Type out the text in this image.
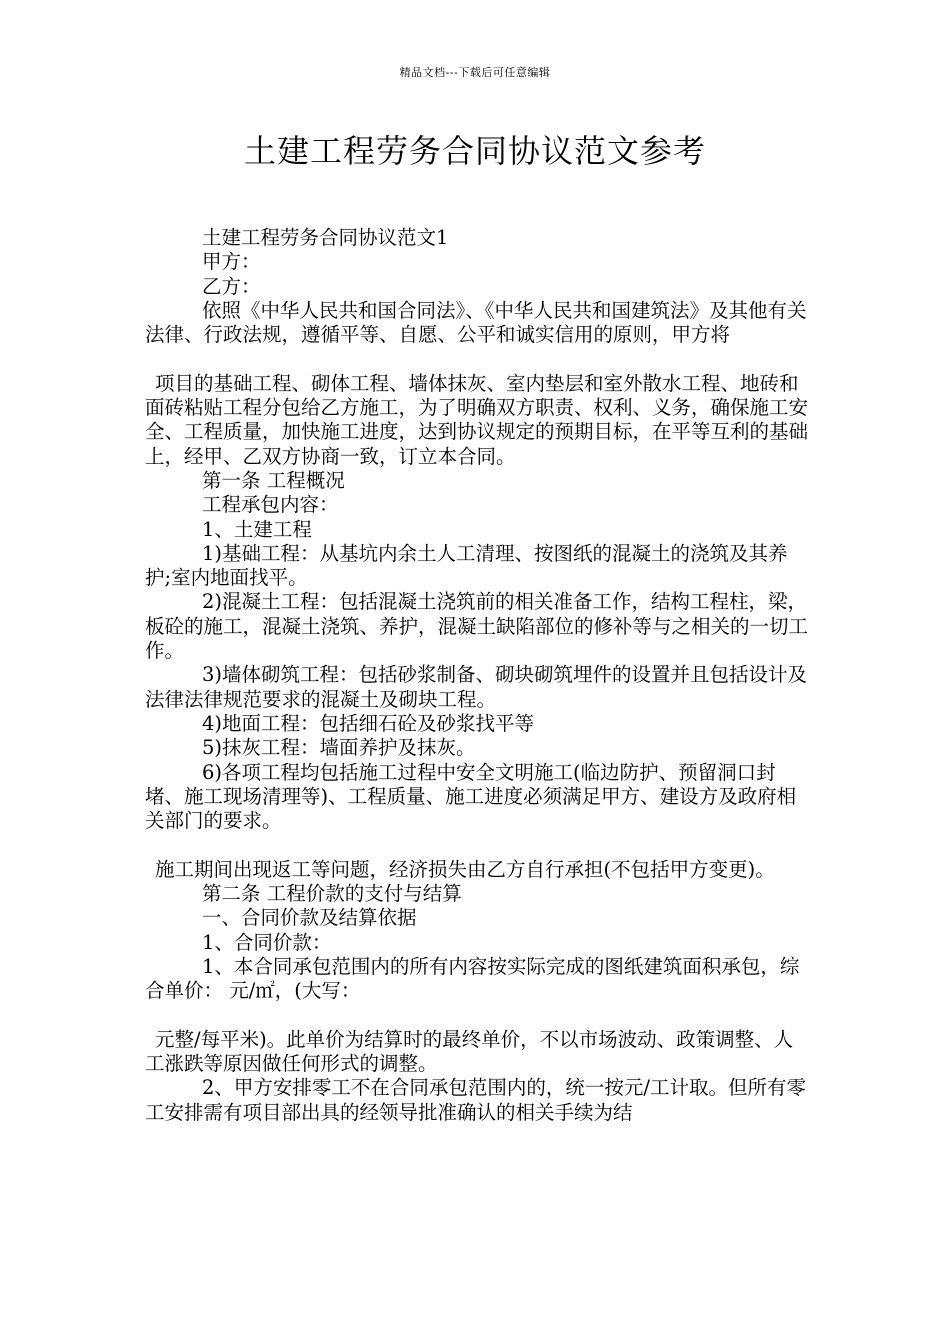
精品文档---下载后可任意编辑
土建工程劳务合同协议范文参考

土建工程劳务合同协议范文1

甲方：

乙方：

依照《中华人民共和国合同法》、《中华人民共和国建筑法》及其他有关法律、行政法规，遵循平等、自愿、公平和诚实信用的原则，甲方将

项目的基础工程、砌体工程、墙体抹灰、室内垫层和室外散水工程、地砖和面砖粘贴工程分包给乙方施工，为了明确双方职责、权利、义务，确保施工安全、工程质量，加快施工进度，达到协议规定的预期目标，在平等互利的基础上，经甲、乙双方协商一致，订立本合同。

第一条 工程概况

工程承包内容：

1、土建工程

1)基础工程：从基坑内余土人工清理、按图纸的混凝土的浇筑及其养护;室内地面找平。

2)混凝土工程：包括混凝土浇筑前的相关准备工作，结构工程柱，梁，板砼的施工，混凝土浇筑、养护，混凝土缺陷部位的修补等与之相关的一切工作。

3)墙体砌筑工程：包括砂浆制备、砌块砌筑埋件的设置并且包括设计及法律法律规范要求的混凝土及砌块工程。

4)地面工程：包括细石砼及砂浆找平等

5)抹灰工程：墙面养护及抹灰。

6)各项工程均包括施工过程中安全文明施工(临边防护、预留洞口封堵、施工现场清理等)、工程质量、施工进度必须满足甲方、建设方及政府相关部门的要求。

施工期间出现返工等问题，经济损失由乙方自行承担(不包括甲方变更)。

第二条 工程价款的支付与结算

一、合同价款及结算依据

1、合同价款：

1、本合同承包范围内的所有内容按实际完成的图纸建筑面积承包，综合单价： 元/㎡，(大写：

元整/每平米)。此单价为结算时的最终单价，不以市场波动、政策调整、人工涨跌等原因做任何形式的调整。

2、甲方安排零工不在合同承包范围内的，统一按元/工计取。但所有零工安排需有项目部出具的经领导批准确认的相关手续为结
